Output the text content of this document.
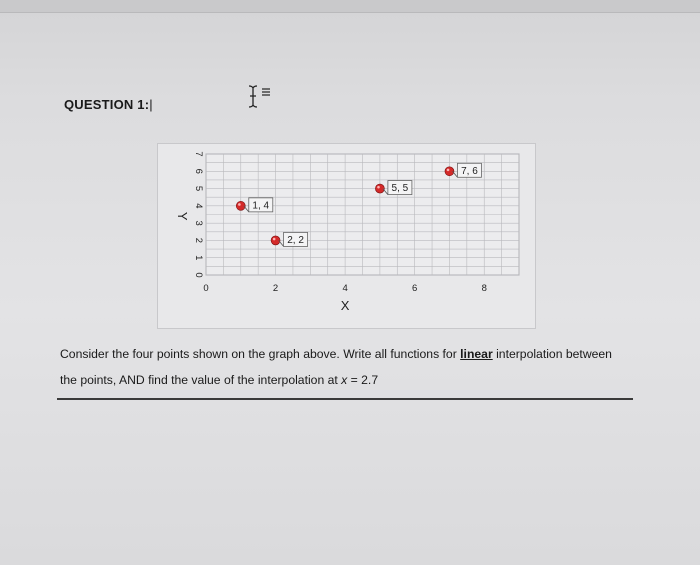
QUESTION 1:|
0
1
2
3
4
5
6
7
0	2	4	6	8
X
Y
1, 4
2, 2
5, 5
7, 6
Consider the four points shown on the graph above. Write all functions for linear interpolation between
the points, AND find the value of the interpolation at x = 2.7
